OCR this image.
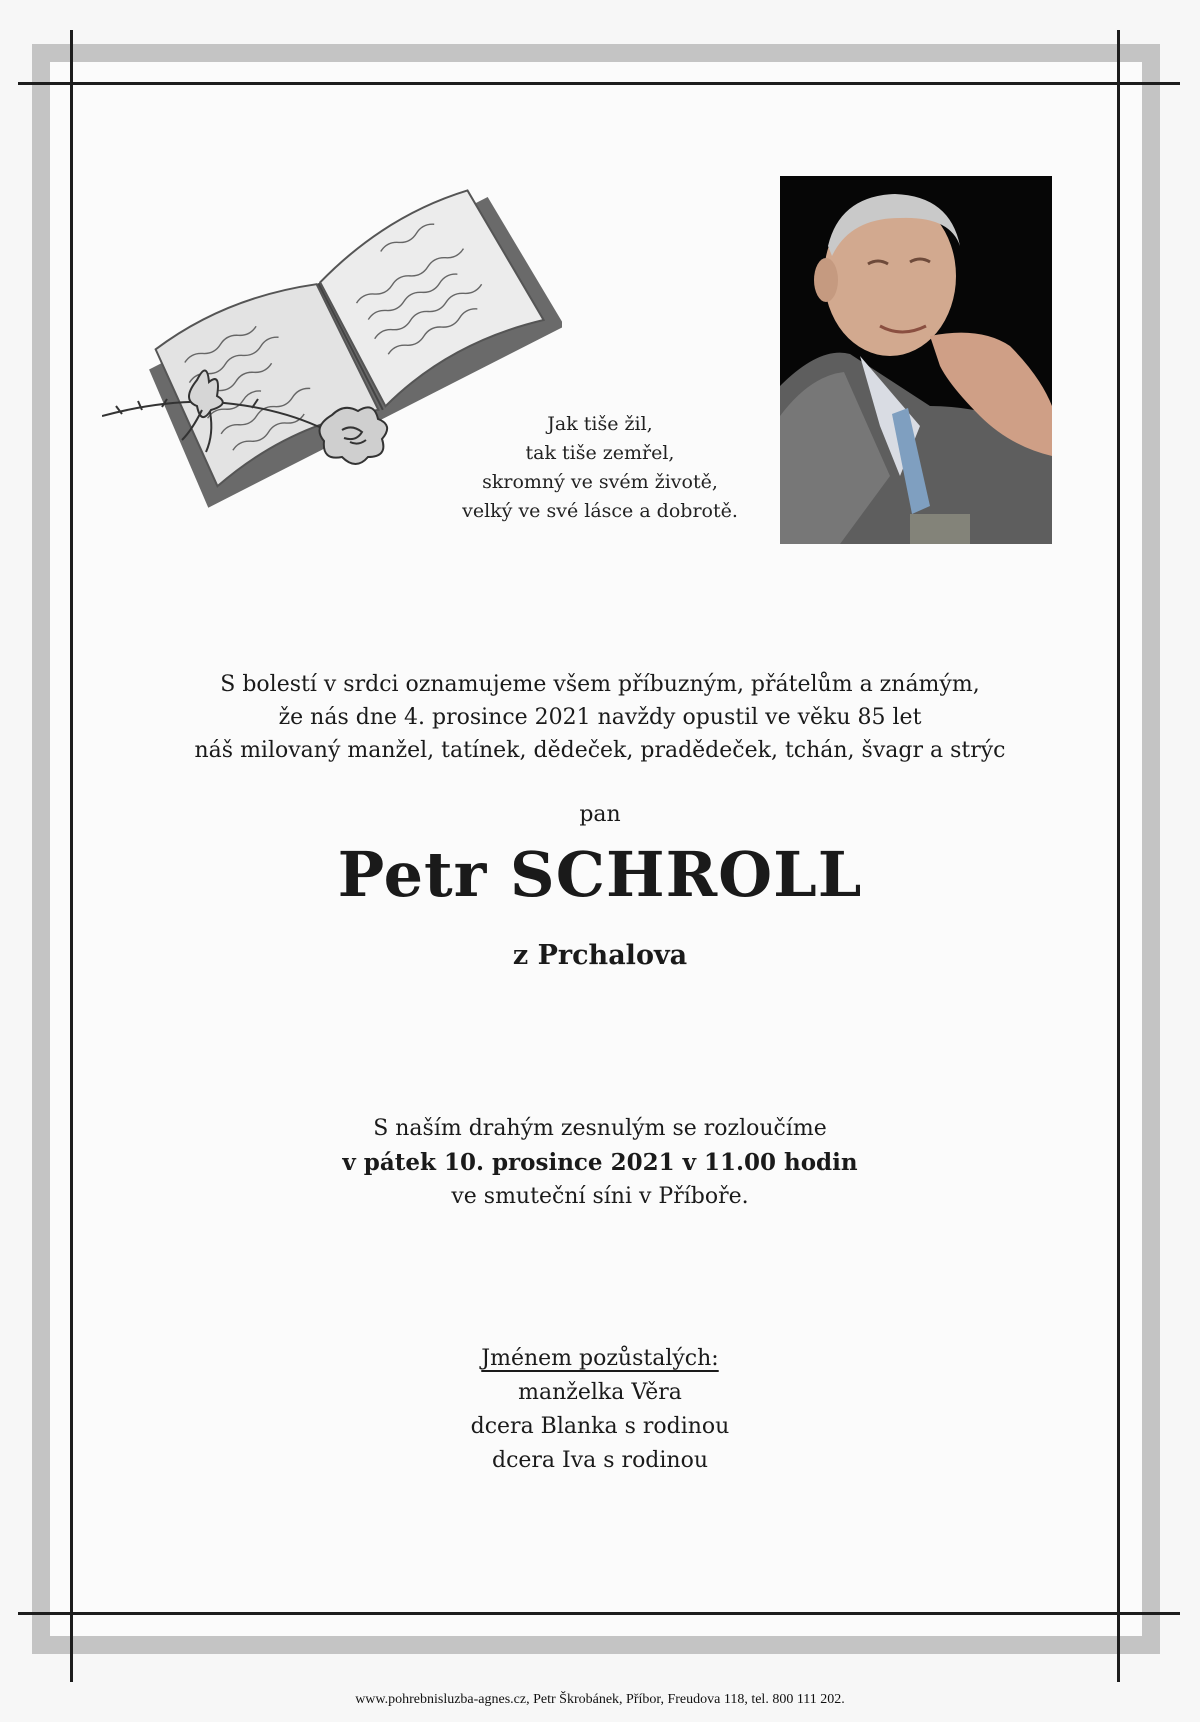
Jak tiše žil,
tak tiše zemřel,
skromný ve svém životě,
velký ve své lásce a dobrotě.
S bolestí v srdci oznamujeme všem příbuzným, přátelům a známým,
že nás dne 4. prosince 2021 navždy opustil ve věku 85 let
náš milovaný manžel, tatínek, dědeček, pradědeček, tchán, švagr a strýc
pan
Petr SCHROLL
z Prchalova
S naším drahým zesnulým se rozloučíme
v pátek 10. prosince 2021 v 11.00 hodin
ve smuteční síni v Příboře.
Jménem pozůstalých:
manželka Věra
dcera Blanka s rodinou
dcera Iva s rodinou
www.pohrebnisluzba-agnes.cz, Petr Škrobánek, Příbor, Freudova 118, tel. 800 111 202.
